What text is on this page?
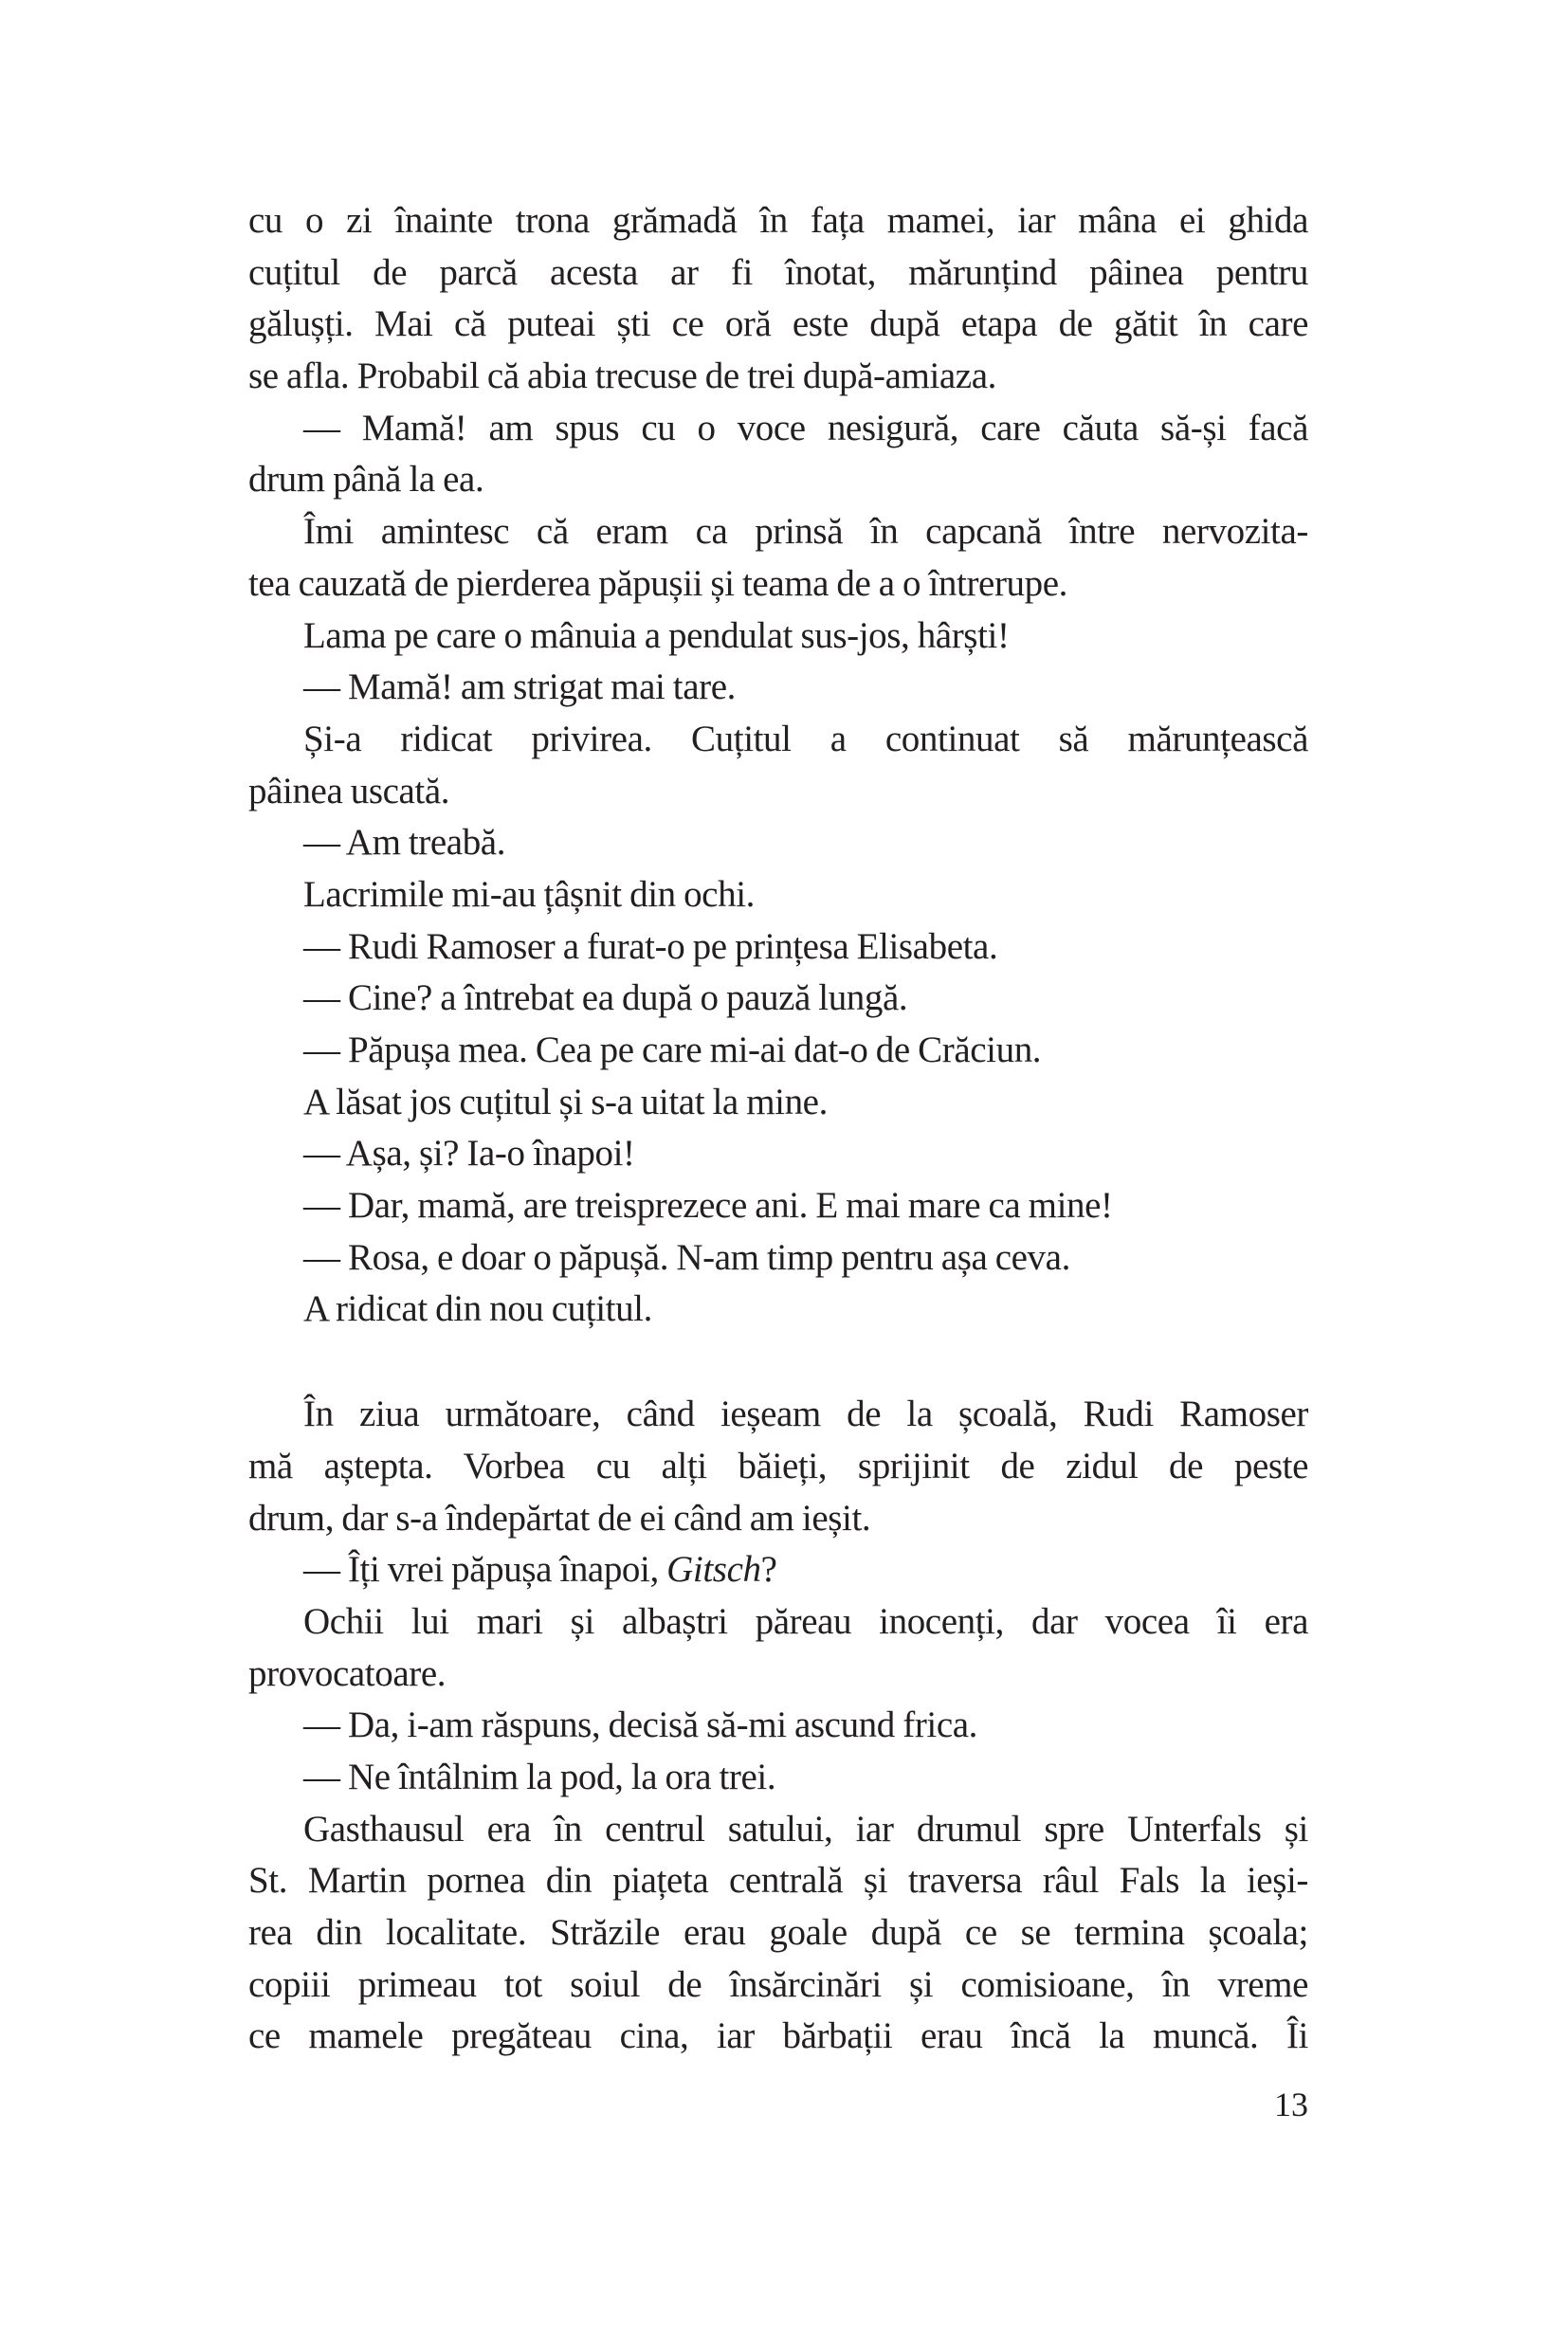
cu o zi înainte trona grămadă în fața mamei, iar mâna ei ghida
cuțitul de parcă acesta ar fi înotat, mărunțind pâinea pentru
gălușți. Mai că puteai ști ce oră este după etapa de gătit în care
se afla. Probabil că abia trecuse de trei după-amiaza.
— Mamă! am spus cu o voce nesigură, care căuta să-și facă
drum până la ea.
Îmi amintesc că eram ca prinsă în capcană între nervozita-
tea cauzată de pierderea păpușii și teama de a o întrerupe.
Lama pe care o mânuia a pendulat sus-jos, hârști!
— Mamă! am strigat mai tare.
Și-a ridicat privirea. Cuțitul a continuat să mărunțească
pâinea uscată.
— Am treabă.
Lacrimile mi-au țâșnit din ochi.
— Rudi Ramoser a furat-o pe prințesa Elisabeta.
— Cine? a întrebat ea după o pauză lungă.
— Păpușa mea. Cea pe care mi-ai dat-o de Crăciun.
A lăsat jos cuțitul și s-a uitat la mine.
— Așa, și? Ia-o înapoi!
— Dar, mamă, are treisprezece ani. E mai mare ca mine!
— Rosa, e doar o păpușă. N-am timp pentru așa ceva.
A ridicat din nou cuțitul.
În ziua următoare, când ieșeam de la școală, Rudi Ramoser
mă aștepta. Vorbea cu alți băieți, sprijinit de zidul de peste
drum, dar s-a îndepărtat de ei când am ieșit.
— Îți vrei păpușa înapoi, Gitsch?
Ochii lui mari și albaștri păreau inocenți, dar vocea îi era
provocatoare.
— Da, i-am răspuns, decisă să-mi ascund frica.
— Ne întâlnim la pod, la ora trei.
Gasthausul era în centrul satului, iar drumul spre Unterfals și
St. Martin pornea din piațeta centrală și traversa râul Fals la ieși-
rea din localitate. Străzile erau goale după ce se termina școala;
copiii primeau tot soiul de însărcinări și comisioane, în vreme
ce mamele pregăteau cina, iar bărbații erau încă la muncă. Îi
13
